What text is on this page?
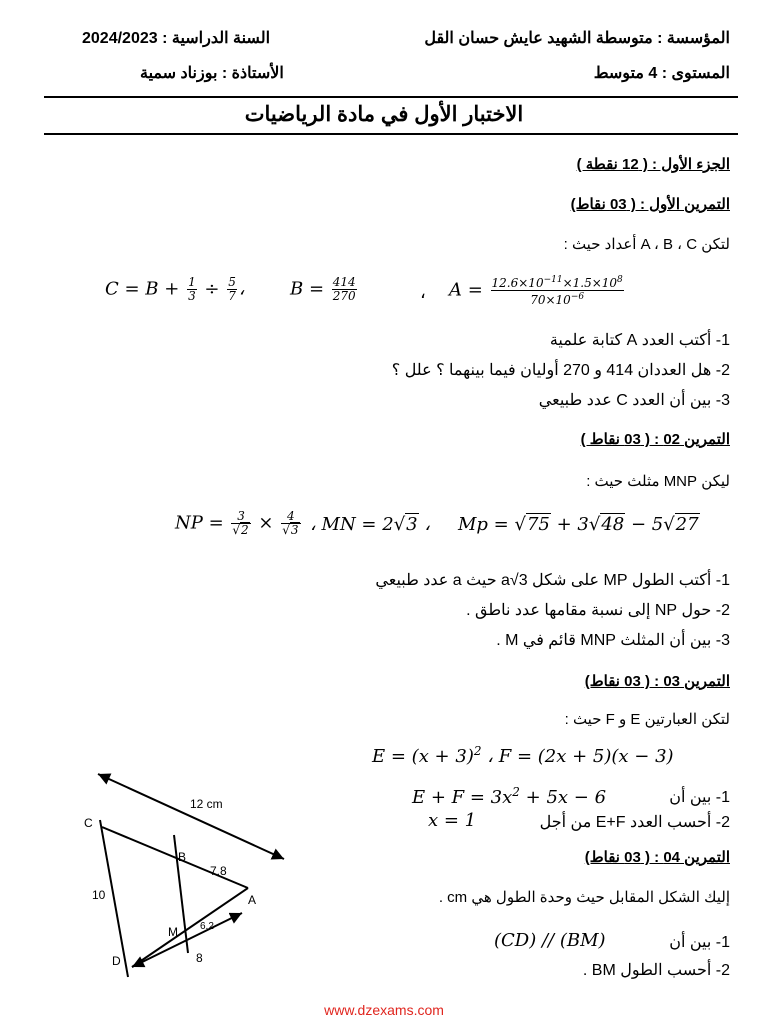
المؤسسة : متوسطة الشهيد عايش حسان القل
السنة الدراسية : 2024/2023
المستوى : 4 متوسط
الأستاذة : بوزناد سمية
الاختبار الأول في مادة الرياضيات
الجزء الأول : ( 12 نقطة )
التمرين الأول : ( 03 نقاط)
لتكن A ، B ، C أعداد حيث :
$C = B + \frac{1}{3} \div \frac{5}{7}$ ،	$B = \frac{414}{270}$	، $A = \frac{12.6\times 10^{-11}\times 1.5\times 10^8}{70\times 10^{-6}}$
1- أكتب العدد A كتابة علمية
2- هل العددان 414 و 270 أوليان فيما بينهما ؟ علل ؟
3- بين أن العدد C عدد طبيعي
التمرين 02 : ( 03 نقاط )
ليكن MNP مثلث حيث :
NP = $\frac{3}{√2} \times \frac{4}{√3}$ ، MN = 2√3 ، Mp = √75 + 3√48 − 5√27
1- أكتب الطول MP على شكل a√3 حيث a عدد طبيعي
2- حول NP إلى نسبة مقامها عدد ناطق .
3- بين أن المثلث MNP قائم في M .
التمرين 03 : ( 03 نقاط)
لتكن العبارتين E و F حيث :
$E = (x + 3)^2$ ، F = (2x + 5)(x − 3)
$E + F = 3x^2 + 5x - 6$	1- بين أن
x = 1	2- أحسب العدد E+F من أجل
التمرين 04 : ( 03 نقاط)
إليك الشكل المقابل حيث وحدة الطول هي cm .
(CD) // (BM)	1- بين أن
2- أحسب الطول BM .
12 cm
C
B
7.8
A
10
M 6.2
D	8
www.dzexams.com
